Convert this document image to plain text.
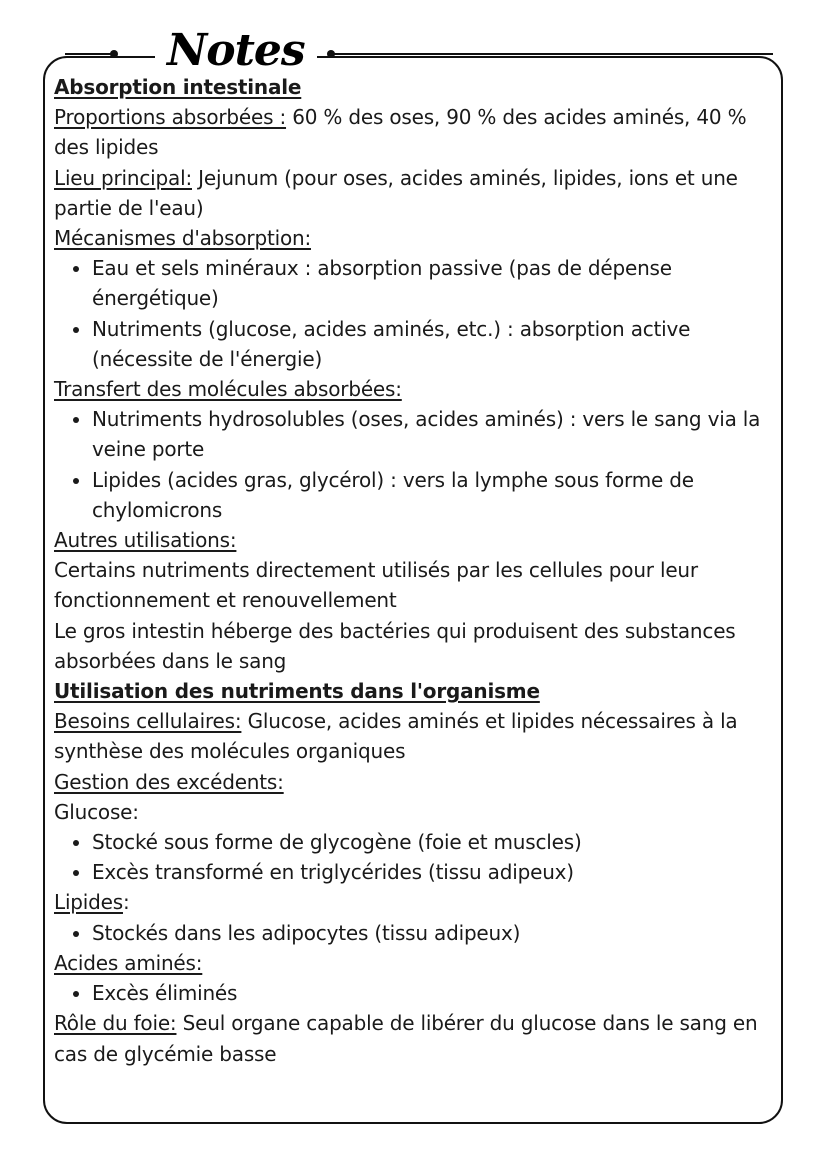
Notes

Absorption intestinale

Proportions absorbées : 60 % des oses, 90 % des acides aminés, 40 % des lipides

Lieu principal: Jejunum (pour oses, acides aminés, lipides, ions et une partie de l'eau)

Mécanismes d'absorption:

• Eau et sels minéraux : absorption passive (pas de dépense énergétique)
• Nutriments (glucose, acides aminés, etc.) : absorption active (nécessite de l'énergie)

Transfert des molécules absorbées:

• Nutriments hydrosolubles (oses, acides aminés) : vers le sang via la veine porte
• Lipides (acides gras, glycérol) : vers la lymphe sous forme de chylomicrons

Autres utilisations:

Certains nutriments directement utilisés par les cellules pour leur fonctionnement et renouvellement

Le gros intestin héberge des bactéries qui produisent des substances absorbées dans le sang

Utilisation des nutriments dans l'organisme

Besoins cellulaires: Glucose, acides aminés et lipides nécessaires à la synthèse des molécules organiques

Gestion des excédents:

Glucose:

• Stocké sous forme de glycogène (foie et muscles)
• Excès transformé en triglycérides (tissu adipeux)

Lipides:

• Stockés dans les adipocytes (tissu adipeux)

Acides aminés:

• Excès éliminés

Rôle du foie: Seul organe capable de libérer du glucose dans le sang en cas de glycémie basse
